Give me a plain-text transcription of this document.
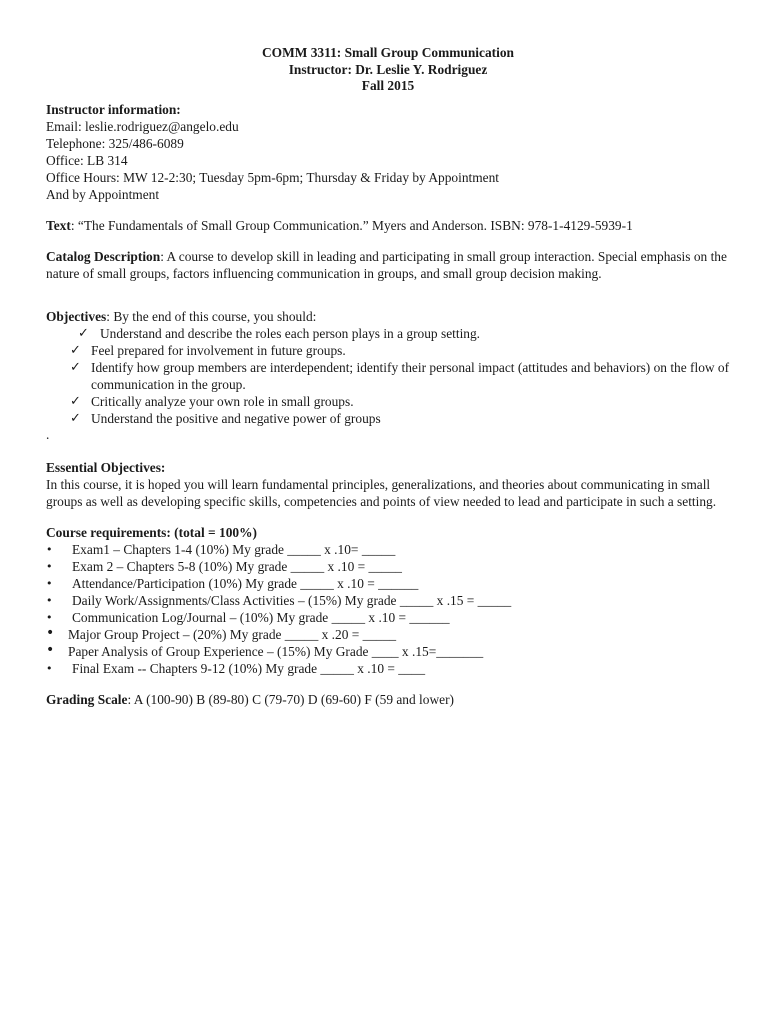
COMM 3311: Small Group Communication
Instructor: Dr. Leslie Y. Rodriguez
Fall 2015
Instructor information:
Email: leslie.rodriguez@angelo.edu
Telephone: 325/486-6089
Office: LB 314
Office Hours: MW 12-2:30; Tuesday 5pm-6pm; Thursday & Friday by Appointment
And by Appointment
Text: “The Fundamentals of Small Group Communication.” Myers and Anderson. ISBN: 978-1-4129-5939-1
Catalog Description: A course to develop skill in leading and participating in small group interaction. Special emphasis on the nature of small groups, factors influencing communication in groups, and small group decision making.
Objectives: By the end of this course, you should:
✓ Understand and describe the roles each person plays in a group setting.
✓ Feel prepared for involvement in future groups.
✓ Identify how group members are interdependent; identify their personal impact (attitudes and behaviors) on the flow of communication in the group.
✓ Critically analyze your own role in small groups.
✓ Understand the positive and negative power of groups
.
Essential Objectives:
In this course, it is hoped you will learn fundamental principles, generalizations, and theories about communicating in small groups as well as developing specific skills, competencies and points of view needed to lead and participate in such a setting.
Course requirements: (total = 100%)
• Exam1 – Chapters 1-4 (10%) My grade _____ x .10= _____
• Exam 2 – Chapters 5-8 (10%) My grade _____ x .10 = _____
• Attendance/Participation (10%) My grade _____ x .10 = ______
• Daily Work/Assignments/Class Activities – (15%) My grade _____ x .15 = _____
• Communication Log/Journal – (10%) My grade _____ x .10 = ______
• Major Group Project – (20%) My grade _____ x .20 = _____
• Paper Analysis of Group Experience – (15%) My Grade ____ x .15=_______
• Final Exam -- Chapters 9-12 (10%) My grade _____ x .10 = ____
Grading Scale: A (100-90) B (89-80) C (79-70) D (69-60) F (59 and lower)
